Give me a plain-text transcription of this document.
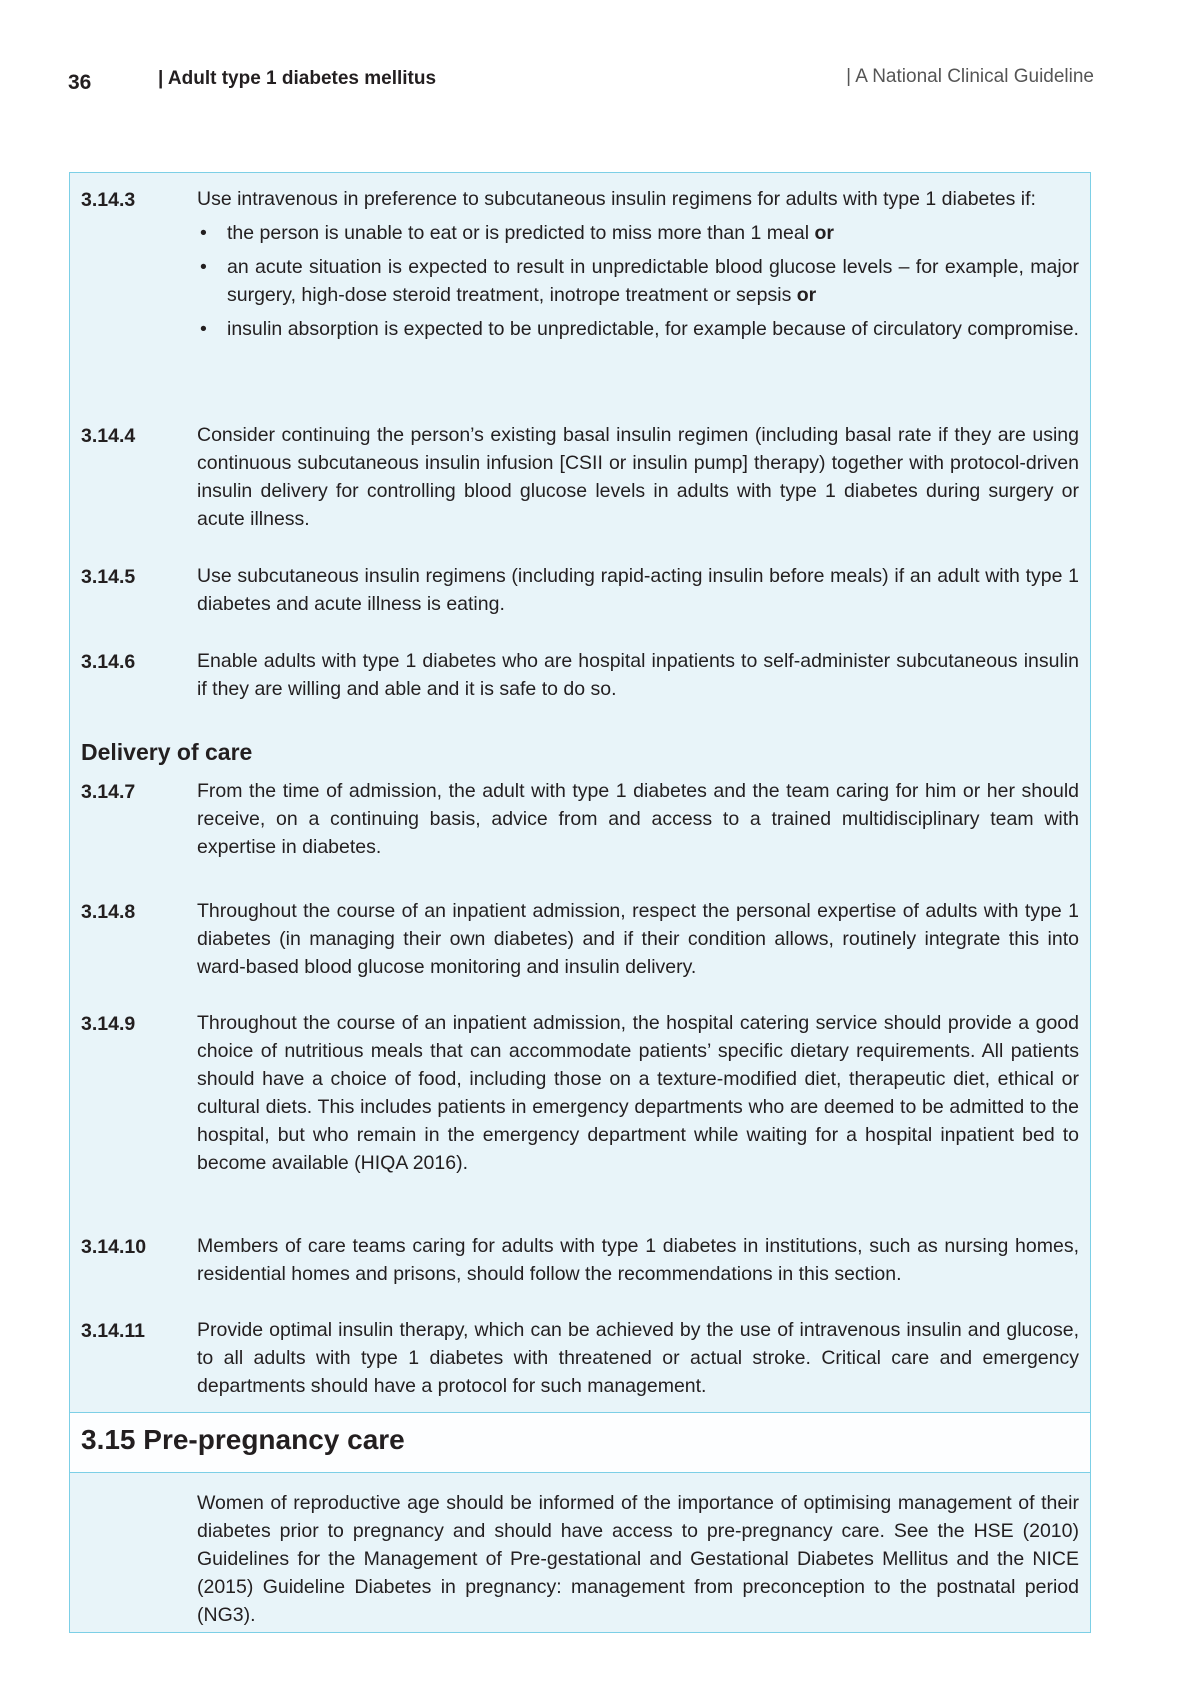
36	| Adult type 1 diabetes mellitus	| A National Clinical Guideline
3.14.3	Use intravenous in preference to subcutaneous insulin regimens for adults with type 1 diabetes if:

• the person is unable to eat or is predicted to miss more than 1 meal or
• an acute situation is expected to result in unpredictable blood glucose levels – for example, major surgery, high-dose steroid treatment, inotrope treatment or sepsis or
• insulin absorption is expected to be unpredictable, for example because of circulatory compromise.
3.14.4	Consider continuing the person’s existing basal insulin regimen (including basal rate if they are using continuous subcutaneous insulin infusion [CSII or insulin pump] therapy) together with protocol-driven insulin delivery for controlling blood glucose levels in adults with type 1 diabetes during surgery or acute illness.
3.14.5	Use subcutaneous insulin regimens (including rapid-acting insulin before meals) if an adult with type 1 diabetes and acute illness is eating.
3.14.6	Enable adults with type 1 diabetes who are hospital inpatients to self-administer subcutaneous insulin if they are willing and able and it is safe to do so.
Delivery of care
3.14.7	From the time of admission, the adult with type 1 diabetes and the team caring for him or her should receive, on a continuing basis, advice from and access to a trained multidisciplinary team with expertise in diabetes.
3.14.8	Throughout the course of an inpatient admission, respect the personal expertise of adults with type 1 diabetes (in managing their own diabetes) and if their condition allows, routinely integrate this into ward-based blood glucose monitoring and insulin delivery.
3.14.9	Throughout the course of an inpatient admission, the hospital catering service should provide a good choice of nutritious meals that can accommodate patients’ specific dietary requirements. All patients should have a choice of food, including those on a texture-modified diet, therapeutic diet, ethical or cultural diets. This includes patients in emergency departments who are deemed to be admitted to the hospital, but who remain in the emergency department while waiting for a hospital inpatient bed to become available (HIQA 2016).
3.14.10	Members of care teams caring for adults with type 1 diabetes in institutions, such as nursing homes, residential homes and prisons, should follow the recommendations in this section.
3.14.11	Provide optimal insulin therapy, which can be achieved by the use of intravenous insulin and glucose, to all adults with type 1 diabetes with threatened or actual stroke. Critical care and emergency departments should have a protocol for such management.
3.15 Pre-pregnancy care
Women of reproductive age should be informed of the importance of optimising management of their diabetes prior to pregnancy and should have access to pre-pregnancy care. See the HSE (2010) Guidelines for the Management of Pre-gestational and Gestational Diabetes Mellitus and the NICE (2015) Guideline Diabetes in pregnancy: management from preconception to the postnatal period (NG3).
